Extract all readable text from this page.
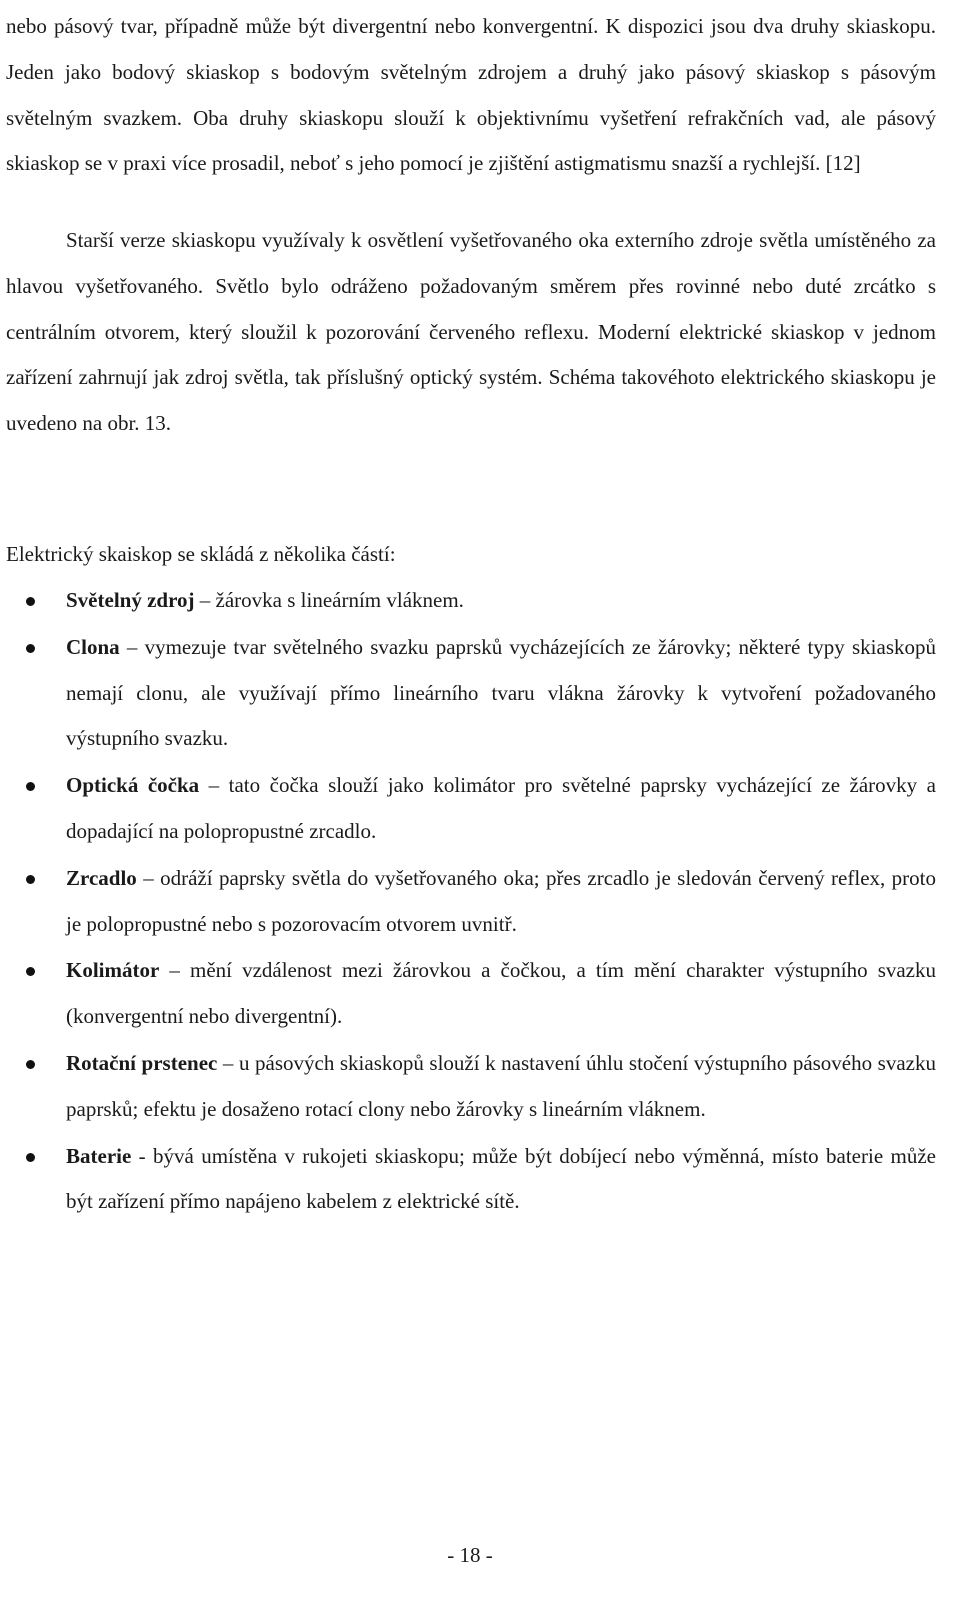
nebo pásový tvar, případně může být divergentní nebo konvergentní. K dispozici jsou dva druhy skiaskopu. Jeden jako bodový skiaskop s bodovým světelným zdrojem a druhý jako pásový skiaskop s pásovým světelným svazkem. Oba druhy skiaskopu slouží k objektivnímu vyšetření refrakčních vad, ale pásový skiaskop se v praxi více prosadil, neboť s jeho pomocí je zjištění astigmatismu snazší a rychlejší. [12]

Starší verze skiaskopu využívaly k osvětlení vyšetřovaného oka externího zdroje světla umístěného za hlavou vyšetřovaného. Světlo bylo odráženo požadovaným směrem přes rovinné nebo duté zrcátko s centrálním otvorem, který sloužil k pozorování červeného reflexu. Moderní elektrické skiaskop v jednom zařízení zahrnují jak zdroj světla, tak příslušný optický systém. Schéma takovéhoto elektrického skiaskopu je uvedeno na obr. 13.

Elektrický skaiskop se skládá z několika částí:

Světelný zdroj – žárovka s lineárním vláknem.
Clona – vymezuje tvar světelného svazku paprsků vycházejících ze žárovky; některé typy skiaskopů nemají clonu, ale využívají přímo lineárního tvaru vlákna žárovky k vytvoření požadovaného výstupního svazku.
Optická čočka – tato čočka slouží jako kolimátor pro světelné paprsky vycházející ze žárovky a dopadající na polopropustné zrcadlo.
Zrcadlo – odráží paprsky světla do vyšetřovaného oka; přes zrcadlo je sledován červený reflex, proto je polopropustné nebo s pozorovacím otvorem uvnitř.
Kolimátor – mění vzdálenost mezi žárovkou a čočkou, a tím mění charakter výstupního svazku (konvergentní nebo divergentní).
Rotační prstenec – u pásových skiaskopů slouží k nastavení úhlu stočení výstupního pásového svazku paprsků; efektu je dosaženo rotací clony nebo žárovky s lineárním vláknem.
Baterie - bývá umístěna v rukojeti skiaskopu; může být dobíjecí nebo výměnná, místo baterie může být zařízení přímo napájeno kabelem z elektrické sítě.
- 18 -
